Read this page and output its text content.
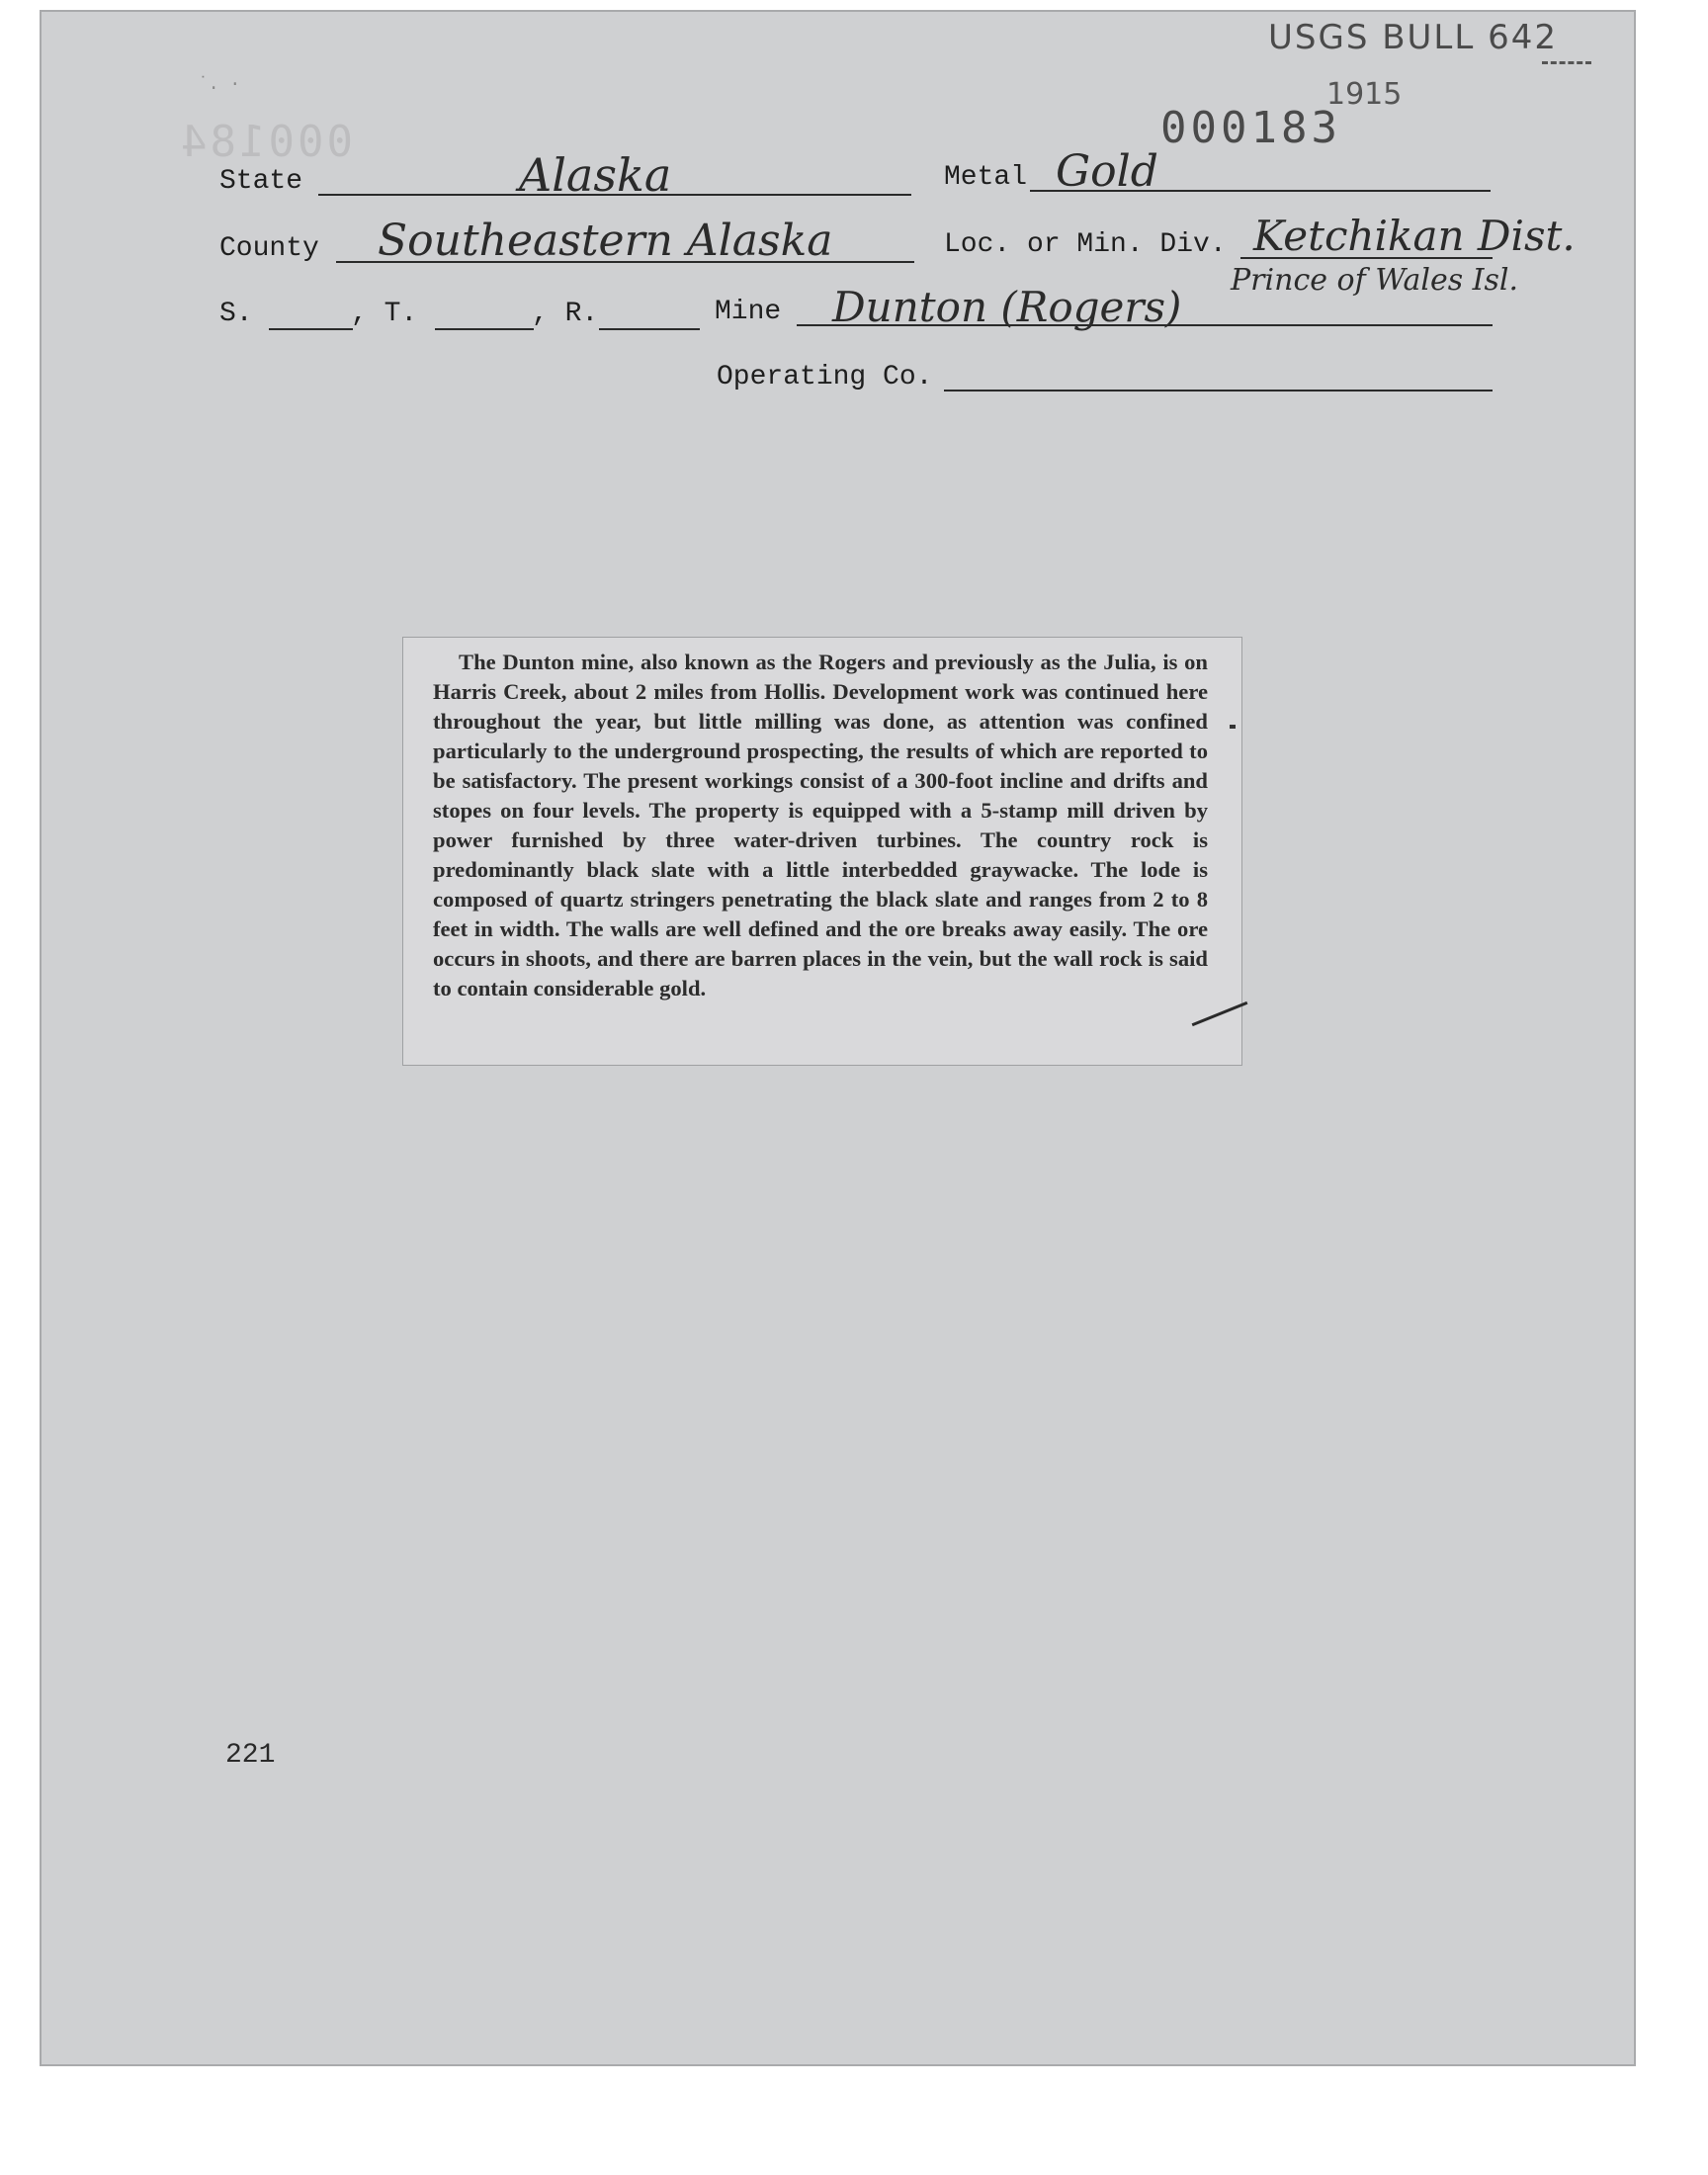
USGS BULL 642
1915
000183
000184
˙. ·
State	Alaska	Metal Gold
County Southeastern Alaska	Loc. or Min. Div. Ketchikan Dist.
Prince of Wales Isl.
S.	, T.	, R.	Mine Dunton (Rogers)
Operating Co.

The Dunton mine, also known as the Rogers and previously as the Julia, is on Harris Creek, about 2 miles from Hollis. Development work was continued here throughout the year, but little milling was done, as attention was confined particularly to the underground prospecting, the results of which are reported to be satisfactory. The present workings consist of a 300-foot incline and drifts and stopes on four levels. The property is equipped with a 5-stamp mill driven by power furnished by three water-driven turbines. The country rock is predominantly black slate with a little interbedded graywacke. The lode is composed of quartz stringers penetrating the black slate and ranges from 2 to 8 feet in width. The walls are well defined and the ore breaks away easily. The ore occurs in shoots, and there are barren places in the vein, but the wall rock is said to contain considerable gold.

221
